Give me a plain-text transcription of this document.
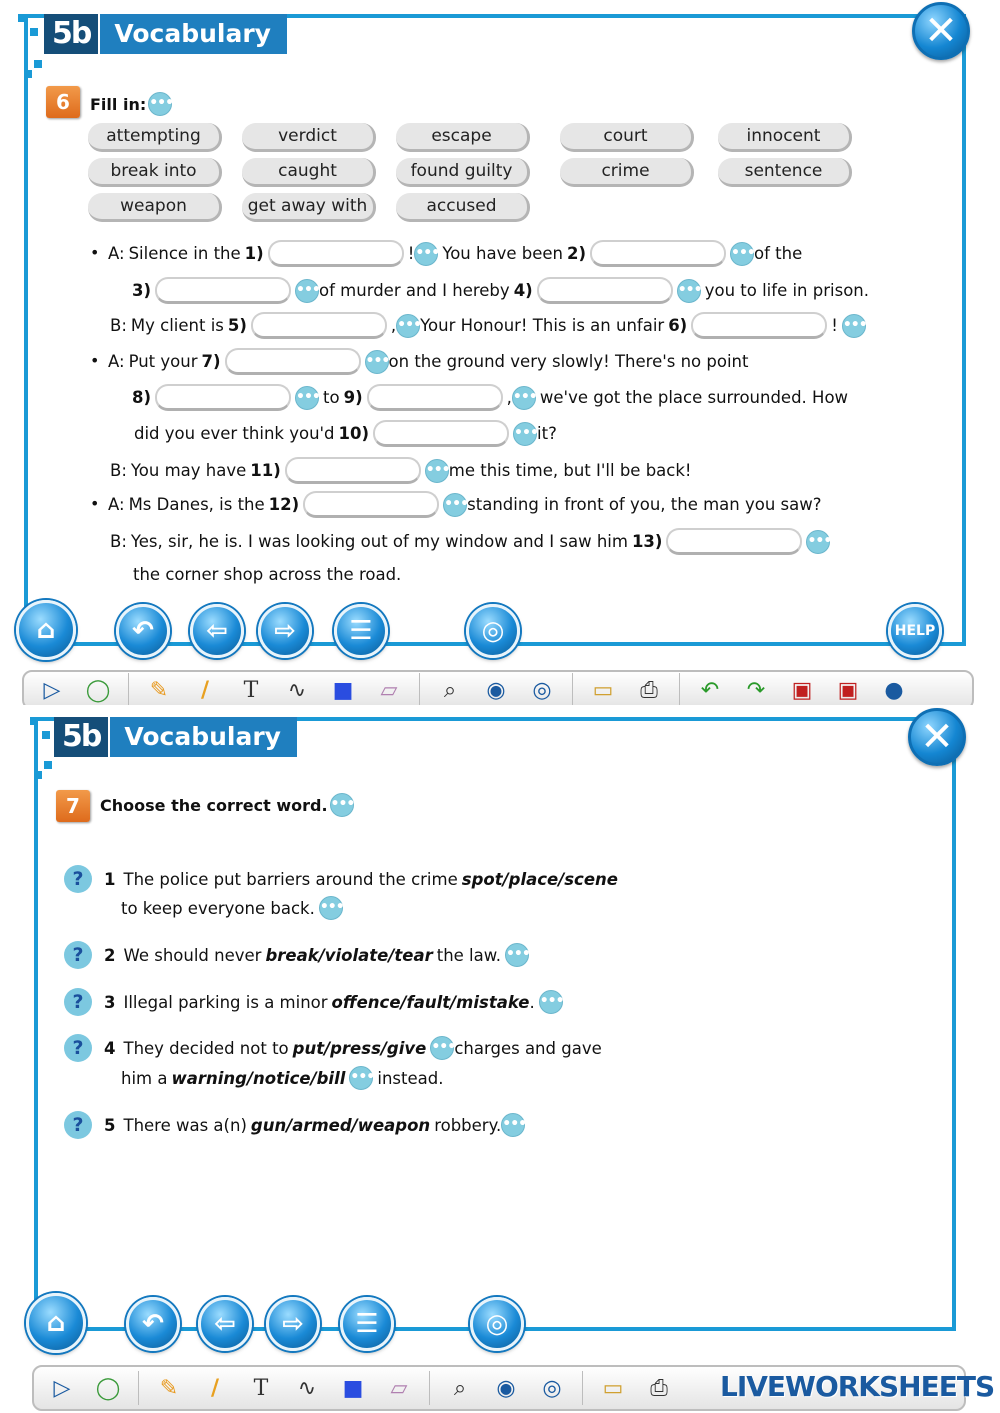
5b Vocabulary	✕
6	Fill in: •••
attempting	verdict	escape	court	innocent
break into	caught	found guilty	crime	sentence
weapon	get away with	accused
• A: Silence in the 1)	! ••• You have been 2)	••• of the
3)	••• of murder and I hereby 4)	••• you to life in prison.
B: My client is 5)	, ••• Your Honour! This is an unfair 6)	! •••
• A: Put your 7)	••• on the ground very slowly! There's no point
8)	••• to 9)	, ••• we've got the place surrounded. How
did you ever think you'd 10)	••• it?
B: You may have 11)	••• me this time, but I'll be back!
• A: Ms Danes, is the 12)	••• standing in front of you, the man you saw?
B: Yes, sir, he is. I was looking out of my window and I saw him 13)	•••
the corner shop across the road.
⌂	↶ ⇦ ⇨ ☰	◎	HELP
▷	◯	✎	/	T	∿	■	▱	⌕	◉ ◎ ▭	⎙	↶	↷	▣ ▣ ●
5b Vocabulary	✕
7	Choose the correct word. •••
?	1 The police put barriers around the crime spot/place/scene
to keep everyone back. •••
?	2 We should never break/violate/tear the law. •••
?	3 Illegal parking is a minor offence/fault/mistake . •••
?	4 They decided not to put/press/give ••• charges and gave
him a warning/notice/bill ••• instead.
?	5 There was a(n) gun/armed/weapon robbery. •••
⌂	↶ ⇦ ⇨ ☰	◎
▷	◯	✎	/	T	∿	■	▱	⌕	◉ ◎ ▭	⎙ LIVEWORKSHEETS
